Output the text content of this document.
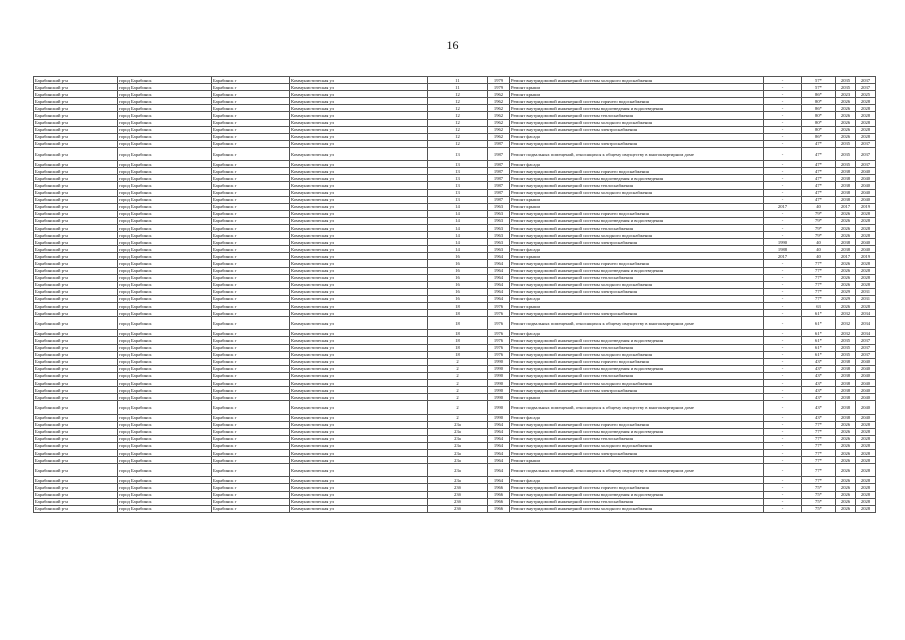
16
Барабинский р-н	город Барабинск	Барабинск г	Коммунистическая ул	11	1979	Ремонт внутридомовой инженерной системы холодного водоснабжения	-	57*	2035	2037
Барабинский р-н	город Барабинск	Барабинск г	Коммунистическая ул	11	1979	Ремонт крыши	-	57*	2035	2037
Барабинский р-н	город Барабинск	Барабинск г	Коммунистическая ул	12	1962	Ремонт крыши	-	86*	2023	2025
Барабинский р-н	город Барабинск	Барабинск г	Коммунистическая ул	12	1962	Ремонт внутридомовой инженерной системы горячего водоснабжения	-	80*	2026	2028
Барабинский р-н	город Барабинск	Барабинск г	Коммунистическая ул	12	1962	Ремонт внутридомовой инженерной системы водоотведения и водоотведения	-	86*	2026	2028
Барабинский р-н	город Барабинск	Барабинск г	Коммунистическая ул	12	1962	Ремонт внутридомовой инженерной системы теплоснабжения	-	80*	2026	2028
Барабинский р-н	город Барабинск	Барабинск г	Коммунистическая ул	12	1962	Ремонт внутридомовой инженерной системы холодного водоснабжения	-	80*	2026	2028
Барабинский р-н	город Барабинск	Барабинск г	Коммунистическая ул	12	1962	Ремонт внутридомовой инженерной системы электроснабжения	-	80*	2026	2028
Барабинский р-н	город Барабинск	Барабинск г	Коммунистическая ул	12	1962	Ремонт фасада	-	86*	2026	2028
Барабинский р-н	город Барабинск	Барабинск г	Коммунистическая ул	12	1987	Ремонт внутридомовой инженерной системы электроснабжения	-	47*	2035	2037
Барабинский р-н	город Барабинск	Барабинск г	Коммунистическая ул	13	1987	Ремонт подвальных помещений, относящихся к общему имуществу в многоквартирном доме	-	47*	2035	2037
Барабинский р-н	город Барабинск	Барабинск г	Коммунистическая ул	13	1987	Ремонт фасада	-	47*	2035	2037
Барабинский р-н	город Барабинск	Барабинск г	Коммунистическая ул	13	1987	Ремонт внутридомовой инженерной системы горячего водоснабжения	-	47*	2038	2040
Барабинский р-н	город Барабинск	Барабинск г	Коммунистическая ул	13	1987	Ремонт внутридомовой инженерной системы водоотведения и водоотведения	-	47*	2038	2040
Барабинский р-н	город Барабинск	Барабинск г	Коммунистическая ул	13	1987	Ремонт внутридомовой инженерной системы теплоснабжения	-	47*	2038	2040
Барабинский р-н	город Барабинск	Барабинск г	Коммунистическая ул	13	1987	Ремонт внутридомовой инженерной системы холодного водоснабжения	-	47*	2038	2040
Барабинский р-н	город Барабинск	Барабинск г	Коммунистическая ул	13	1987	Ремонт крыши	-	47*	2038	2040
Барабинский р-н	город Барабинск	Барабинск г	Коммунистическая ул	14	1963	Ремонт крыши	2017	40	2017	2019
Барабинский р-н	город Барабинск	Барабинск г	Коммунистическая ул	14	1963	Ремонт внутридомовой инженерной системы горячего водоснабжения	-	79*	2026	2028
Барабинский р-н	город Барабинск	Барабинск г	Коммунистическая ул	14	1963	Ремонт внутридомовой инженерной системы водоотведения и водоотведения	-	79*	2026	2028
Барабинский р-н	город Барабинск	Барабинск г	Коммунистическая ул	14	1963	Ремонт внутридомовой инженерной системы теплоснабжения	-	79*	2026	2028
Барабинский р-н	город Барабинск	Барабинск г	Коммунистическая ул	14	1963	Ремонт внутридомовой инженерной системы холодного водоснабжения	-	79*	2026	2028
Барабинский р-н	город Барабинск	Барабинск г	Коммунистическая ул	14	1963	Ремонт внутридомовой инженерной системы электроснабжения	1990	40	2038	2040
Барабинский р-н	город Барабинск	Барабинск г	Коммунистическая ул	14	1963	Ремонт фасада	1988	40	2038	2040
Барабинский р-н	город Барабинск	Барабинск г	Коммунистическая ул	16	1964	Ремонт крыши	2017	40	2017	2019
Барабинский р-н	город Барабинск	Барабинск г	Коммунистическая ул	16	1964	Ремонт внутридомовой инженерной системы горячего водоснабжения	-	77*	2026	2028
Барабинский р-н	город Барабинск	Барабинск г	Коммунистическая ул	16	1964	Ремонт внутридомовой инженерной системы водоотведения и водоотведения	-	77*	2026	2028
Барабинский р-н	город Барабинск	Барабинск г	Коммунистическая ул	16	1964	Ремонт внутридомовой инженерной системы теплоснабжения	-	77*	2026	2028
Барабинский р-н	город Барабинск	Барабинск г	Коммунистическая ул	16	1964	Ремонт внутридомовой инженерной системы холодного водоснабжения	-	77*	2026	2028
Барабинский р-н	город Барабинск	Барабинск г	Коммунистическая ул	16	1964	Ремонт внутридомовой инженерной системы электроснабжения	-	77*	2029	2031
Барабинский р-н	город Барабинск	Барабинск г	Коммунистическая ул	16	1964	Ремонт фасада	-	77*	2029	2031
Барабинский р-н	город Барабинск	Барабинск г	Коммунистическая ул	18	1976	Ремонт крыши	-	63	2026	2028
Барабинский р-н	город Барабинск	Барабинск г	Коммунистическая ул	18	1976	Ремонт внутридомовой инженерной системы электроснабжения	-	61*	2032	2034
Барабинский р-н	город Барабинск	Барабинск г	Коммунистическая ул	18	1976	Ремонт подвальных помещений, относящихся к общему имуществу в многоквартирном доме	-	61*	2032	2034
Барабинский р-н	город Барабинск	Барабинск г	Коммунистическая ул	18	1976	Ремонт фасада	-	61*	2032	2034
Барабинский р-н	город Барабинск	Барабинск г	Коммунистическая ул	18	1976	Ремонт внутридомовой инженерной системы водоотведения и водоотведения	-	61*	2035	2037
Барабинский р-н	город Барабинск	Барабинск г	Коммунистическая ул	18	1976	Ремонт внутридомовой инженерной системы теплоснабжения	-	61*	2035	2037
Барабинский р-н	город Барабинск	Барабинск г	Коммунистическая ул	18	1976	Ремонт внутридомовой инженерной системы холодного водоснабжения	-	61*	2035	2037
Барабинский р-н	город Барабинск	Барабинск г	Коммунистическая ул	2	1990	Ремонт внутридомовой инженерной системы горячего водоснабжения	-	43*	2038	2040
Барабинский р-н	город Барабинск	Барабинск г	Коммунистическая ул	2	1990	Ремонт внутридомовой инженерной системы водоотведения и водоотведения	-	43*	2038	2040
Барабинский р-н	город Барабинск	Барабинск г	Коммунистическая ул	2	1990	Ремонт внутридомовой инженерной системы теплоснабжения	-	43*	2038	2040
Барабинский р-н	город Барабинск	Барабинск г	Коммунистическая ул	2	1990	Ремонт внутридомовой инженерной системы холодного водоснабжения	-	43*	2038	2040
Барабинский р-н	город Барабинск	Барабинск г	Коммунистическая ул	2	1990	Ремонт внутридомовой инженерной системы электроснабжения	-	43*	2038	2040
Барабинский р-н	город Барабинск	Барабинск г	Коммунистическая ул	2	1990	Ремонт крыши	-	43*	2038	2040
Барабинский р-н	город Барабинск	Барабинск г	Коммунистическая ул	2	1990	Ремонт подвальных помещений, относящихся к общему имуществу в многоквартирном доме	-	43*	2038	2040
Барабинский р-н	город Барабинск	Барабинск г	Коммунистическая ул	2	1990	Ремонт фасада	-	43*	2038	2040
Барабинский р-н	город Барабинск	Барабинск г	Коммунистическая ул	23а	1964	Ремонт внутридомовой инженерной системы горячего водоснабжения	-	77*	2026	2028
Барабинский р-н	город Барабинск	Барабинск г	Коммунистическая ул	23а	1964	Ремонт внутридомовой инженерной системы водоотведения и водоотведения	-	77*	2026	2028
Барабинский р-н	город Барабинск	Барабинск г	Коммунистическая ул	23а	1964	Ремонт внутридомовой инженерной системы теплоснабжения	-	77*	2026	2028
Барабинский р-н	город Барабинск	Барабинск г	Коммунистическая ул	23а	1964	Ремонт внутридомовой инженерной системы холодного водоснабжения	-	77*	2026	2028
Барабинский р-н	город Барабинск	Барабинск г	Коммунистическая ул	23а	1964	Ремонт внутридомовой инженерной системы электроснабжения	-	77*	2026	2028
Барабинский р-н	город Барабинск	Барабинск г	Коммунистическая ул	23а	1964	Ремонт крыши	-	77*	2026	2028
Барабинский р-н	город Барабинск	Барабинск г	Коммунистическая ул	23а	1964	Ремонт подвальных помещений, относящихся к общему имуществу в многоквартирном доме	-	77*	2026	2028
Барабинский р-н	город Барабинск	Барабинск г	Коммунистическая ул	23а	1964	Ремонт фасада	-	77*	2026	2028
Барабинский р-н	город Барабинск	Барабинск г	Коммунистическая ул	23б	1966	Ремонт внутридомовой инженерной системы горячего водоснабжения	-	75*	2026	2028
Барабинский р-н	город Барабинск	Барабинск г	Коммунистическая ул	23б	1966	Ремонт внутридомовой инженерной системы водоотведения и водоотведения	-	75*	2026	2028
Барабинский р-н	город Барабинск	Барабинск г	Коммунистическая ул	23б	1966	Ремонт внутридомовой инженерной системы теплоснабжения	-	75*	2026	2028
Барабинский р-н	город Барабинск	Барабинск г	Коммунистическая ул	23б	1966	Ремонт внутридомовой инженерной системы холодного водоснабжения	-	75*	2026	2028
